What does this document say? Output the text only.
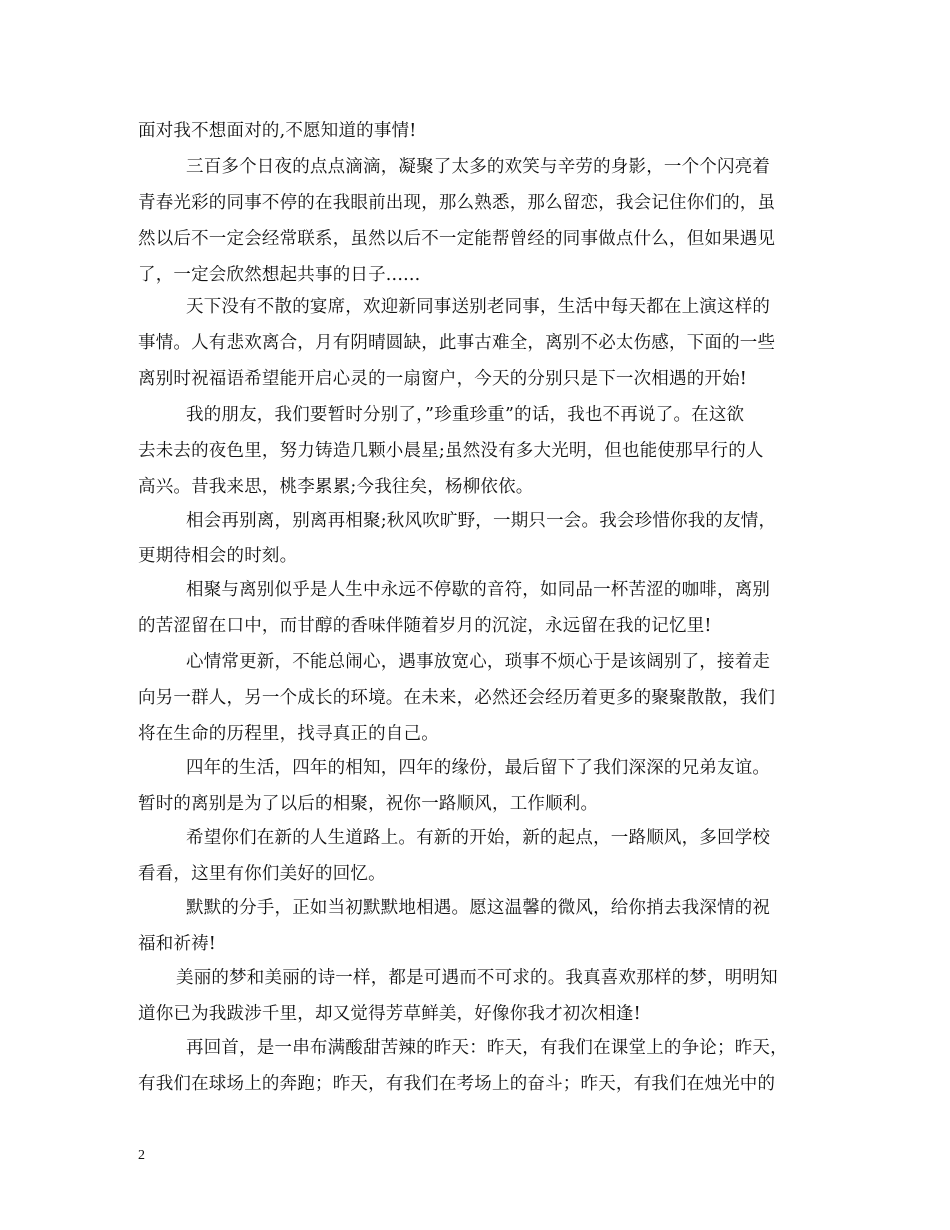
面对我不想面对的,不愿知道的事情!
三百多个日夜的点点滴滴，凝聚了太多的欢笑与辛劳的身影，一个个闪亮着
青春光彩的同事不停的在我眼前出现，那么熟悉，那么留恋，我会记住你们的，虽
然以后不一定会经常联系，虽然以后不一定能帮曾经的同事做点什么，但如果遇见
了，一定会欣然想起共事的日子......
天下没有不散的宴席，欢迎新同事送别老同事，生活中每天都在上演这样的
事情。人有悲欢离合，月有阴晴圆缺，此事古难全，离别不必太伤感，下面的一些
离别时祝福语希望能开启心灵的一扇窗户，今天的分别只是下一次相遇的开始!
我的朋友，我们要暂时分别了，”珍重珍重”的话，我也不再说了。在这欲
去未去的夜色里，努力铸造几颗小晨星;虽然没有多大光明，但也能使那早行的人
高兴。昔我来思，桃李累累;今我往矣，杨柳依依。
相会再别离，别离再相聚;秋风吹旷野，一期只一会。我会珍惜你我的友情，
更期待相会的时刻。
相聚与离别似乎是人生中永远不停歇的音符，如同品一杯苦涩的咖啡，离别
的苦涩留在口中，而甘醇的香味伴随着岁月的沉淀，永远留在我的记忆里!
心情常更新，不能总闹心，遇事放宽心，琐事不烦心于是该阔别了，接着走
向另一群人，另一个成长的环境。在未来，必然还会经历着更多的聚聚散散，我们
将在生命的历程里，找寻真正的自己。
四年的生活，四年的相知，四年的缘份，最后留下了我们深深的兄弟友谊。
暂时的离别是为了以后的相聚，祝你一路顺风，工作顺利。
希望你们在新的人生道路上。有新的开始，新的起点，一路顺风，多回学校
看看，这里有你们美好的回忆。
默默的分手，正如当初默默地相遇。愿这温馨的微风，给你捎去我深情的祝
福和祈祷!
美丽的梦和美丽的诗一样，都是可遇而不可求的。我真喜欢那样的梦，明明知
道你已为我跋涉千里，却又觉得芳草鲜美，好像你我才初次相逢!
再回首，是一串布满酸甜苦辣的昨天：昨天，有我们在课堂上的争论；昨天，
有我们在球场上的奔跑；昨天，有我们在考场上的奋斗；昨天，有我们在烛光中的
2
